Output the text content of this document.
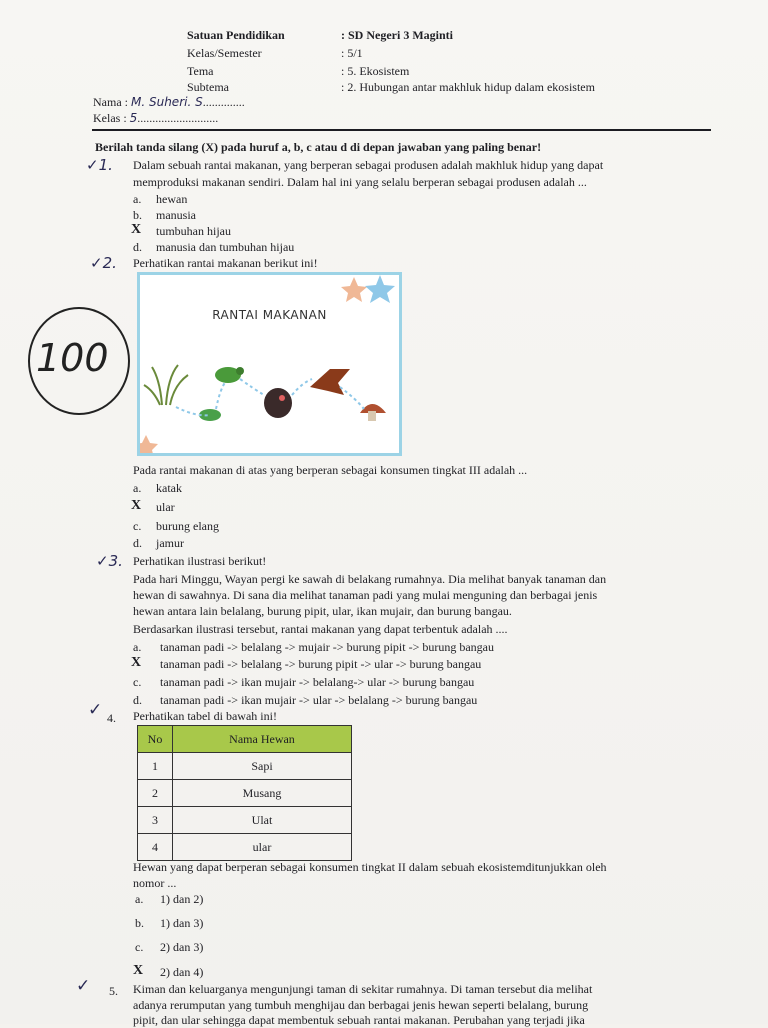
Satuan Pendidikan	: SD Negeri 3 Maginti
Kelas/Semester	: 5/1
Tema	: 5. Ekosistem
Subtema	: 2. Hubungan antar makhluk hidup dalam ekosistem
Nama : M. Suheri. S..............
Kelas : 5...........................
100
Berilah tanda silang (X) pada huruf a, b, c atau d di depan jawaban yang paling benar!
✓1. Dalam sebuah rantai makanan, yang berperan sebagai produsen adalah makhluk hidup yang dapat
memproduksi makanan sendiri. Dalam hal ini yang selalu berperan sebagai produsen adalah ...
a. hewan
b. manusia
X tumbuhan hijau
d. manusia dan tumbuhan hijau
✓2. Perhatikan rantai makanan berikut ini!
RANTAI MAKANAN
Pada rantai makanan di atas yang berperan sebagai konsumen tingkat III adalah ...
a. katak
X ular
c. burung elang
d. jamur
✓3. Perhatikan ilustrasi berikut!
Pada hari Minggu, Wayan pergi ke sawah di belakang rumahnya. Dia melihat banyak tanaman dan
hewan di sawahnya. Di sana dia melihat tanaman padi yang mulai menguning dan berbagai jenis
hewan antara lain belalang, burung pipit, ular, ikan mujair, dan burung bangau.
Berdasarkan ilustrasi tersebut, rantai makanan yang dapat terbentuk adalah ....
a. tanaman padi -> belalang -> mujair -> burung pipit -> burung bangau
X tanaman padi -> belalang -> burung pipit -> ular -> burung bangau
c. tanaman padi -> ikan mujair -> belalang-> ular -> burung bangau
d. tanaman padi -> ikan mujair -> ular -> belalang -> burung bangau
✓ 4. Perhatikan tabel di bawah ini!
No	Nama Hewan
1	Sapi
2	Musang
3	Ulat
4	ular
Hewan yang dapat berperan sebagai konsumen tingkat II dalam sebuah ekosistemditunjukkan oleh
nomor ...
a. 1) dan 2)
b. 1) dan 3)
c. 2) dan 3)
X 2) dan 4)
✓ 5. Kiman dan keluarganya mengunjungi taman di sekitar rumahnya. Di taman tersebut dia melihat
adanya rerumputan yang tumbuh menghijau dan berbagai jenis hewan seperti belalang, burung
pipit, dan ular sehingga dapat membentuk sebuah rantai makanan. Perubahan yang terjadi jika
